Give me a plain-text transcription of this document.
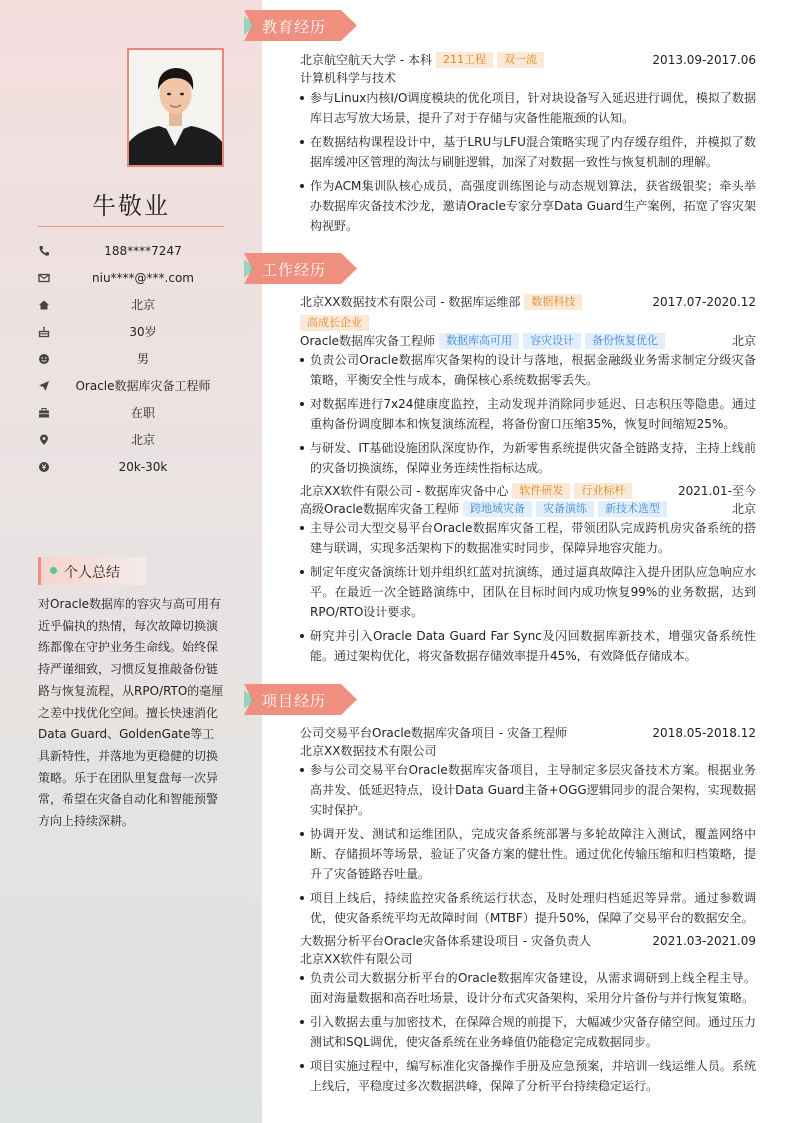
牛敬业
188****7247
niu****@***.com
北京
30岁
男
Oracle数据库灾备工程师
在职
北京
20k-30k
个人总结
对Oracle数据库的容灾与高可用有近乎偏执的热情，每次故障切换演练都像在守护业务生命线。始终保持严谨细致，习惯反复推敲备份链路与恢复流程，从RPO/RTO的毫厘之差中找优化空间。擅长快速消化Data Guard、GoldenGate等工具新特性，并落地为更稳健的切换策略。乐于在团队里复盘每一次异常，希望在灾备自动化和智能预警方向上持续深耕。
教育经历
北京航空航天大学 - 本科 211工程 双一流	2013.09-2017.06
计算机科学与技术
参与Linux内核I/O调度模块的优化项目，针对块设备写入延迟进行调优，模拟了数据库日志写放大场景，提升了对于存储与灾备性能瓶颈的认知。
在数据结构课程设计中，基于LRU与LFU混合策略实现了内存缓存组件，并模拟了数据库缓冲区管理的淘汰与刷脏逻辑，加深了对数据一致性与恢复机制的理解。
作为ACM集训队核心成员，高强度训练图论与动态规划算法，获省级银奖；牵头举办数据库灾备技术沙龙，邀请Oracle专家分享Data Guard生产案例，拓宽了容灾架构视野。
工作经历
北京XX数据技术有限公司 - 数据库运维部 数据科技	2017.07-2020.12
高成长企业
Oracle数据库灾备工程师 数据库高可用 容灾设计 备份恢复优化	北京
负责公司Oracle数据库灾备架构的设计与落地，根据金融级业务需求制定分级灾备策略，平衡安全性与成本，确保核心系统数据零丢失。
对数据库进行7x24健康度监控，主动发现并消除同步延迟、日志积压等隐患。通过重构备份调度脚本和恢复演练流程，将备份窗口压缩35%，恢复时间缩短25%。
与研发、IT基础设施团队深度协作，为新零售系统提供灾备全链路支持，主持上线前的灾备切换演练，保障业务连续性指标达成。
北京XX软件有限公司 - 数据库灾备中心 软件研发 行业标杆	2021.01-至今
高级Oracle数据库灾备工程师 跨地域灾备 灾备演练 新技术选型	北京
主导公司大型交易平台Oracle数据库灾备工程，带领团队完成跨机房灾备系统的搭建与联调，实现多活架构下的数据准实时同步，保障异地容灾能力。
制定年度灾备演练计划并组织红蓝对抗演练，通过逼真故障注入提升团队应急响应水平。在最近一次全链路演练中，团队在目标时间内成功恢复99%的业务数据，达到RPO/RTO设计要求。
研究并引入Oracle Data Guard Far Sync及闪回数据库新技术，增强灾备系统性能。通过架构优化，将灾备数据存储效率提升45%，有效降低存储成本。
项目经历
公司交易平台Oracle数据库灾备项目 - 灾备工程师	2018.05-2018.12
北京XX数据技术有限公司
参与公司交易平台Oracle数据库灾备项目，主导制定多层灾备技术方案。根据业务高并发、低延迟特点，设计Data Guard主备+OGG逻辑同步的混合架构，实现数据实时保护。
协调开发、测试和运维团队，完成灾备系统部署与多轮故障注入测试，覆盖网络中断、存储损坏等场景，验证了灾备方案的健壮性。通过优化传输压缩和归档策略，提升了灾备链路吞吐量。
项目上线后，持续监控灾备系统运行状态，及时处理归档延迟等异常。通过参数调优，使灾备系统平均无故障时间（MTBF）提升50%，保障了交易平台的数据安全。
大数据分析平台Oracle灾备体系建设项目 - 灾备负责人	2021.03-2021.09
北京XX软件有限公司
负责公司大数据分析平台的Oracle数据库灾备建设，从需求调研到上线全程主导。面对海量数据和高吞吐场景，设计分布式灾备架构，采用分片备份与并行恢复策略。
引入数据去重与加密技术，在保障合规的前提下，大幅减少灾备存储空间。通过压力测试和SQL调优，使灾备系统在业务峰值仍能稳定完成数据同步。
项目实施过程中，编写标准化灾备操作手册及应急预案，并培训一线运维人员。系统上线后，平稳度过多次数据洪峰，保障了分析平台持续稳定运行。
